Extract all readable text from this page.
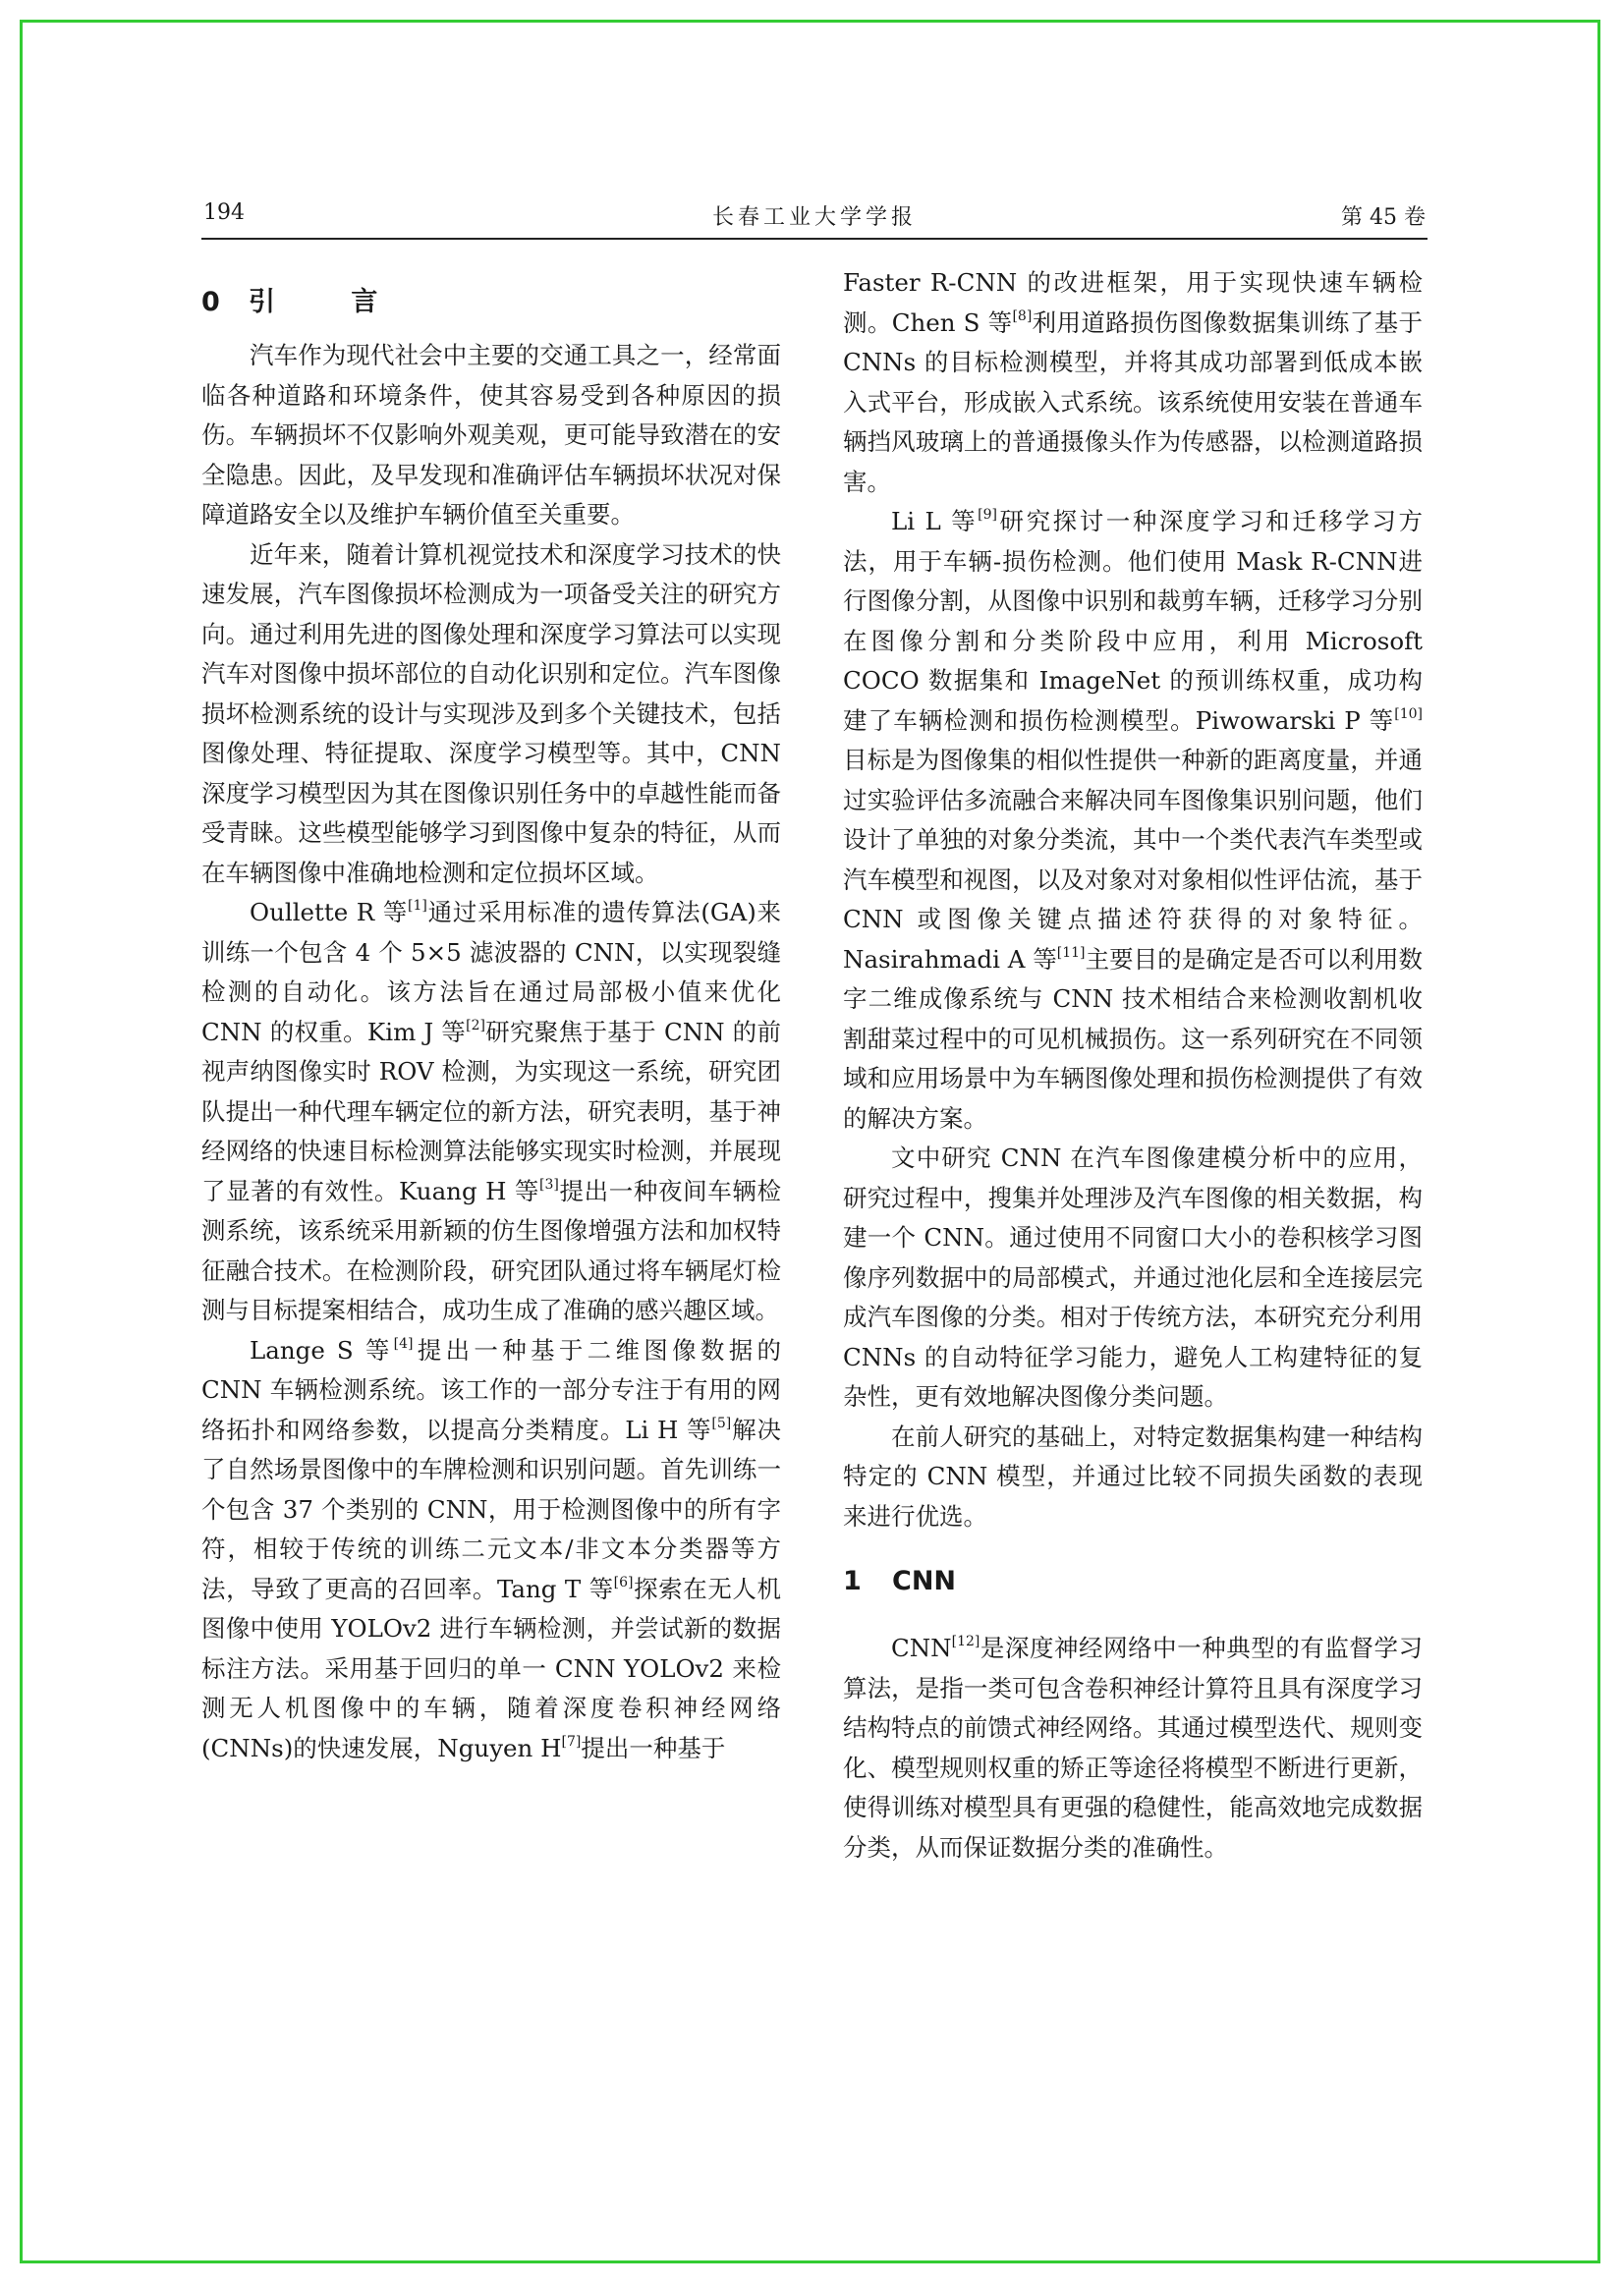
194	长春工业大学学报	第 45 卷
0 引 言

汽车作为现代社会中主要的交通工具之一，经常面临各种道路和环境条件，使其容易受到各种原因的损伤。车辆损坏不仅影响外观美观，更可能导致潜在的安全隐患。因此，及早发现和准确评估车辆损坏状况对保障道路安全以及维护车辆价值至关重要。

近年来，随着计算机视觉技术和深度学习技术的快速发展，汽车图像损坏检测成为一项备受关注的研究方向。通过利用先进的图像处理和深度学习算法可以实现汽车对图像中损坏部位的自动化识别和定位。汽车图像损坏检测系统的设计与实现涉及到多个关键技术，包括图像处理、特征提取、深度学习模型等。其中，CNN 深度学习模型因为其在图像识别任务中的卓越性能而备受青睐。这些模型能够学习到图像中复杂的特征，从而在车辆图像中准确地检测和定位损坏区域。

Oullette R 等[1]通过采用标准的遗传算法(GA)来训练一个包含 4 个 5×5 滤波器的 CNN，以实现裂缝检测的自动化。该方法旨在通过局部极小值来优化 CNN 的权重。Kim J 等[2]研究聚焦于基于 CNN 的前视声纳图像实时 ROV 检测，为实现这一系统，研究团队提出一种代理车辆定位的新方法，研究表明，基于神经网络的快速目标检测算法能够实现实时检测，并展现了显著的有效性。Kuang H 等[3]提出一种夜间车辆检测系统，该系统采用新颖的仿生图像增强方法和加权特征融合技术。在检测阶段，研究团队通过将车辆尾灯检测与目标提案相结合，成功生成了准确的感兴趣区域。

Lange S 等[4]提出一种基于二维图像数据的 CNN 车辆检测系统。该工作的一部分专注于有用的网络拓扑和网络参数，以提高分类精度。Li H 等[5]解决了自然场景图像中的车牌检测和识别问题。首先训练一个包含 37 个类别的 CNN，用于检测图像中的所有字符，相较于传统的训练二元文本/非文本分类器等方法，导致了更高的召回率。Tang T 等[6]探索在无人机图像中使用 YOLOv2 进行车辆检测，并尝试新的数据标注方法。采用基于回归的单一 CNN YOLOv2 来检测无人机图像中的车辆，随着深度卷积神经网络(CNNs)的快速发展，Nguyen H[7]提出一种基于

Faster R-CNN 的改进框架，用于实现快速车辆检测。Chen S 等[8]利用道路损伤图像数据集训练了基于 CNNs 的目标检测模型，并将其成功部署到低成本嵌入式平台，形成嵌入式系统。该系统使用安装在普通车辆挡风玻璃上的普通摄像头作为传感器，以检测道路损害。

Li L 等[9]研究探讨一种深度学习和迁移学习方法，用于车辆-损伤检测。他们使用 Mask R-CNN进行图像分割，从图像中识别和裁剪车辆，迁移学习分别在图像分割和分类阶段中应用，利用 Microsoft COCO 数据集和 ImageNet 的预训练权重，成功构建了车辆检测和损伤检测模型。Piwowarski P 等[10]目标是为图像集的相似性提供一种新的距离度量，并通过实验评估多流融合来解决同车图像集识别问题，他们设计了单独的对象分类流，其中一个类代表汽车类型或汽车模型和视图，以及对象对对象相似性评估流，基于 CNN 或图像关键点描述符获得的对象特征。Nasirahmadi A 等[11]主要目的是确定是否可以利用数字二维成像系统与 CNN 技术相结合来检测收割机收割甜菜过程中的可见机械损伤。这一系列研究在不同领域和应用场景中为车辆图像处理和损伤检测提供了有效的解决方案。

文中研究 CNN 在汽车图像建模分析中的应用，研究过程中，搜集并处理涉及汽车图像的相关数据，构建一个 CNN。通过使用不同窗口大小的卷积核学习图像序列数据中的局部模式，并通过池化层和全连接层完成汽车图像的分类。相对于传统方法，本研究充分利用 CNNs 的自动特征学习能力，避免人工构建特征的复杂性，更有效地解决图像分类问题。

在前人研究的基础上，对特定数据集构建一种结构特定的 CNN 模型，并通过比较不同损失函数的表现来进行优选。

1 CNN

CNN[12]是深度神经网络中一种典型的有监督学习算法，是指一类可包含卷积神经计算符且具有深度学习结构特点的前馈式神经网络。其通过模型迭代、规则变化、模型规则权重的矫正等途径将模型不断进行更新，使得训练对模型具有更强的稳健性，能高效地完成数据分类，从而保证数据分类的准确性。
